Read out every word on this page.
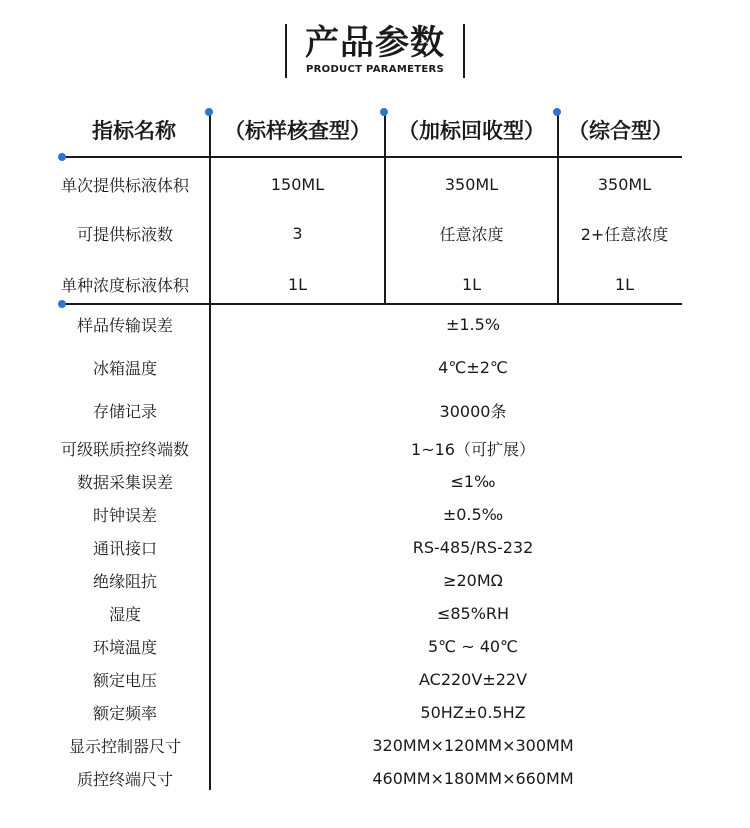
产品参数
PRODUCT PARAMETERS
指标名称	（标样核查型）	（加标回收型）	（综合型）
单次提供标液体积	150ML	350ML	350ML
可提供标液数	3	任意浓度	2+任意浓度
单种浓度标液体积	1L	1L	1L
样品传输误差	±1.5%
冰箱温度	4℃±2℃
存储记录	30000条
可级联质控终端数	1~16（可扩展）
数据采集误差	≤1‰
时钟误差	±0.5‰
通讯接口	RS-485/RS-232
绝缘阻抗	≥20MΩ
湿度	≤85%RH
环境温度	5℃ ~ 40℃
额定电压	AC220V±22V
额定频率	50HZ±0.5HZ
显示控制器尺寸	320MM×120MM×300MM
质控终端尺寸	460MM×180MM×660MM
